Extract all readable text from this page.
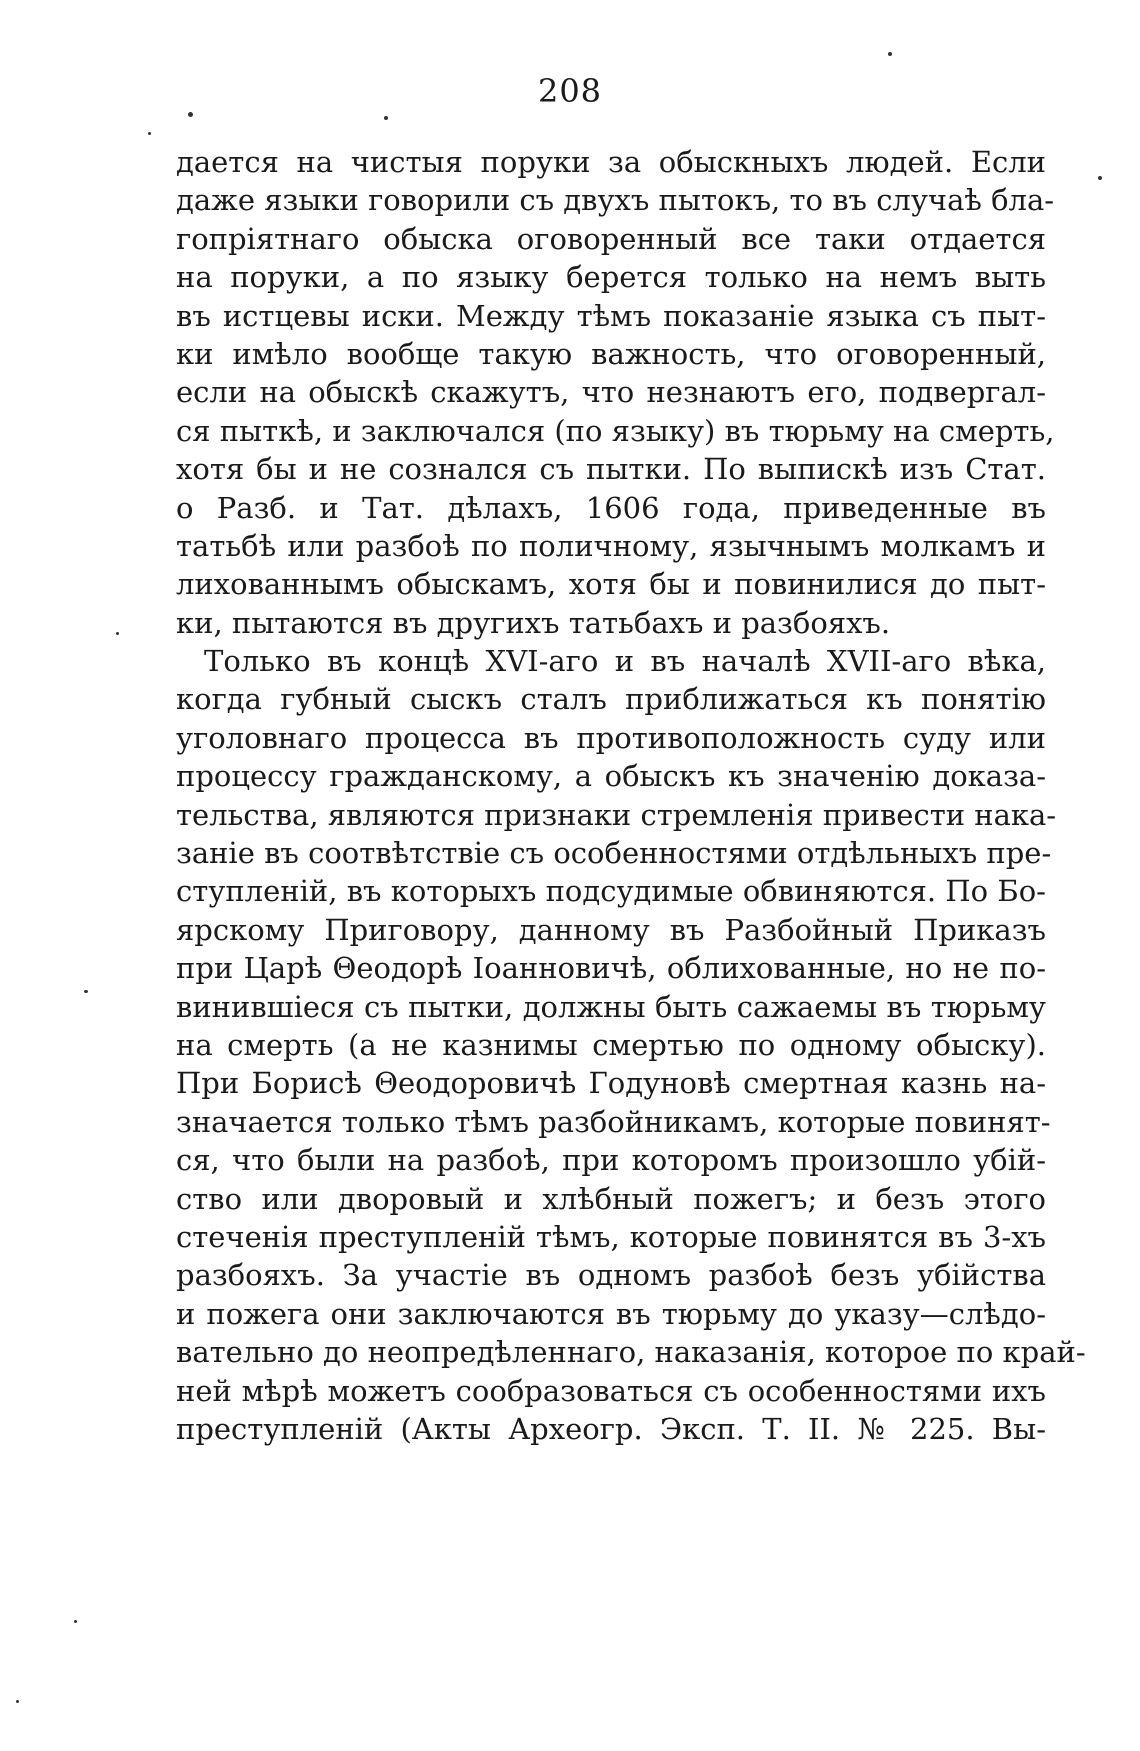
208
дается на чистыя поруки за обыскныхъ людей. Если
даже языки говорили съ двухъ пытокъ, то въ случаѣ бла-
гопріятнаго обыска оговоренный все таки отдается
на поруки, а по языку берется только на немъ выть
въ истцевы иски. Между тѣмъ показаніе языка съ пыт-
ки имѣло вообще такую важность, что оговоренный,
если на обыскѣ скажутъ, что незнаютъ его, подвергал-
ся пыткѣ, и заключался (по языку) въ тюрьму на смерть,
хотя бы и не сознался съ пытки. По выпискѣ изъ Стат.
о Разб. и Тат. дѣлахъ, 1606 года, приведенные въ
татьбѣ или разбоѣ по поличному, язычнымъ молкамъ и
лихованнымъ обыскамъ, хотя бы и повинилися до пыт-
ки, пытаются въ другихъ татьбахъ и разбояхъ.
Только въ концѣ XVI-аго и въ началѣ XVII-аго вѣка,
когда губный сыскъ сталъ приближаться къ понятію
уголовнаго процесса въ противоположность суду или
процессу гражданскому, а обыскъ къ значенію доказа-
тельства, являются признаки стремленія привести нака-
заніе въ соотвѣтствіе съ особенностями отдѣльныхъ пре-
ступленій, въ которыхъ подсудимые обвиняются. По Бо-
ярскому Приговору, данному въ Разбойный Приказъ
при Царѣ Θеодорѣ Іоанновичѣ, облихованные, но не по-
винившіеся съ пытки, должны быть сажаемы въ тюрьму
на смерть (а не казнимы смертью по одному обыску).
При Борисѣ Θеодоровичѣ Годуновѣ смертная казнь на-
значается только тѣмъ разбойникамъ, которые повинят-
ся, что были на разбоѣ, при которомъ произошло убій-
ство или дворовый и хлѣбный пожегъ; и безъ этого
стеченія преступленій тѣмъ, которые повинятся въ 3-хъ
разбояхъ. За участіе въ одномъ разбоѣ безъ убійства
и пожега они заключаются въ тюрьму до указу—слѣдо-
вательно до неопредѣленнаго, наказанія, которое по край-
ней мѣрѣ можетъ сообразоваться съ особенностями ихъ
преступленій (Акты Археогр. Эксп. Т. II. № 225. Вы-
